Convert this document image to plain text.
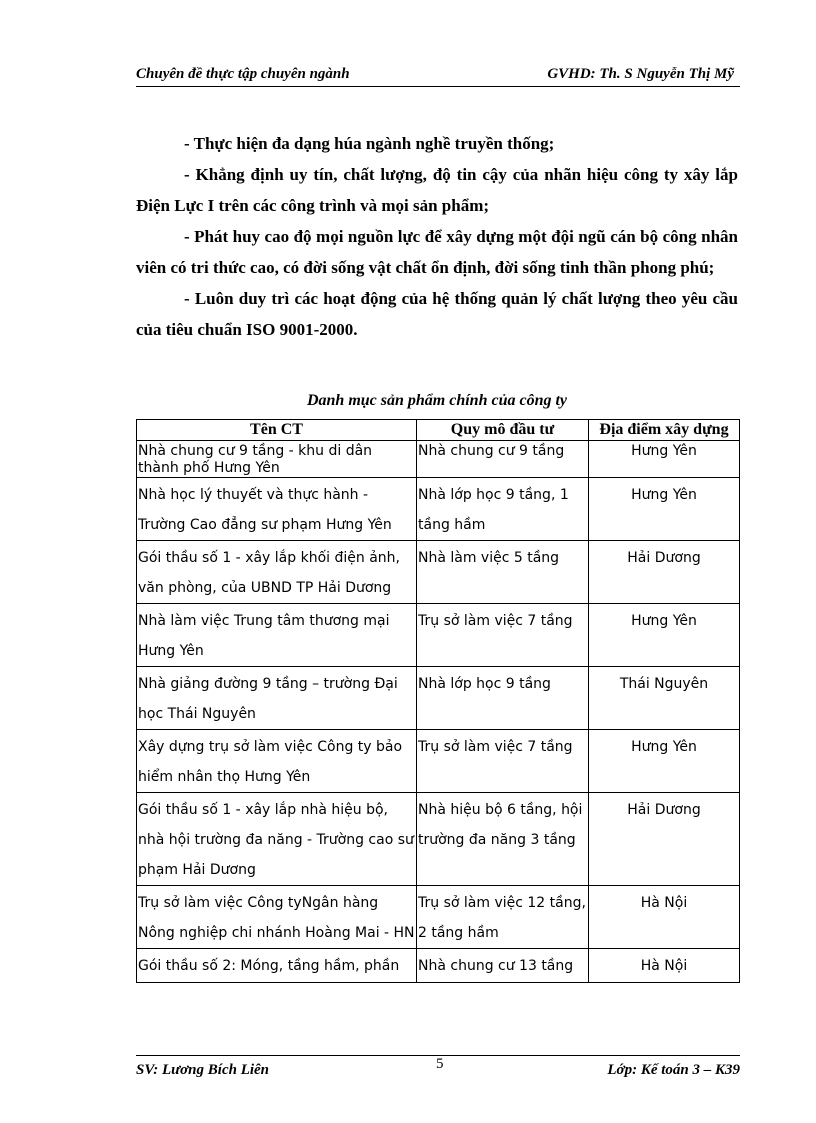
Chuyên đề thực tập chuyên ngành	GVHD: Th. S Nguyễn Thị Mỹ

- Thực hiện đa dạng húa ngành nghề truyền thống;

- Khẳng định uy tín, chất lượng, độ tin cậy của nhãn hiệu công ty xây lắp Điện Lực I trên các công trình và mọi sản phẩm;

- Phát huy cao độ mọi nguồn lực để xây dựng một đội ngũ cán bộ công nhân viên có tri thức cao, có đời sống vật chất ổn định, đời sống tinh thần phong phú;

- Luôn duy trì các hoạt động của hệ thống quản lý chất lượng theo yêu cầu của tiêu chuẩn ISO 9001-2000.

Danh mục sản phẩm chính của công ty
Tên CT	Quy mô đầu tư	Địa điểm xây dựng
Nhà chung cư 9 tầng - khu di dân thành phố Hưng Yên	Nhà chung cư 9 tầng	Hưng Yên
Nhà học lý thuyết và thực hành - Trường Cao đẳng sư phạm Hưng Yên	Nhà lớp học 9 tầng, 1 tầng hầm	Hưng Yên
Gói thầu số 1 - xây lắp khối điện ảnh, văn phòng, của UBND TP Hải Dương	Nhà làm việc 5 tầng	Hải Dương
Nhà làm việc Trung tâm thương mại Hưng Yên	Trụ sở làm việc 7 tầng	Hưng Yên
Nhà giảng đường 9 tầng – trường Đại học Thái Nguyên	Nhà lớp học 9 tầng	Thái Nguyên
Xây dựng trụ sở làm việc Công ty bảo hiểm nhân thọ Hưng Yên	Trụ sở làm việc 7 tầng	Hưng Yên
Gói thầu số 1 - xây lắp nhà hiệu bộ, nhà hội trường đa năng - Trường cao sư phạm Hải Dương	Nhà hiệu bộ 6 tầng, hội trường đa năng 3 tầng	Hải Dương
Trụ sở làm việc Công tyNgân hàng Nông nghiệp chi nhánh Hoàng Mai - HN	Trụ sở làm việc 12 tầng, 2 tầng hầm	Hà Nội
Gói thầu số 2: Móng, tầng hầm, phần	Nhà chung cư 13 tầng	Hà Nội
SV: Lương Bích Liên	5	Lớp: Kế toán 3 – K39
